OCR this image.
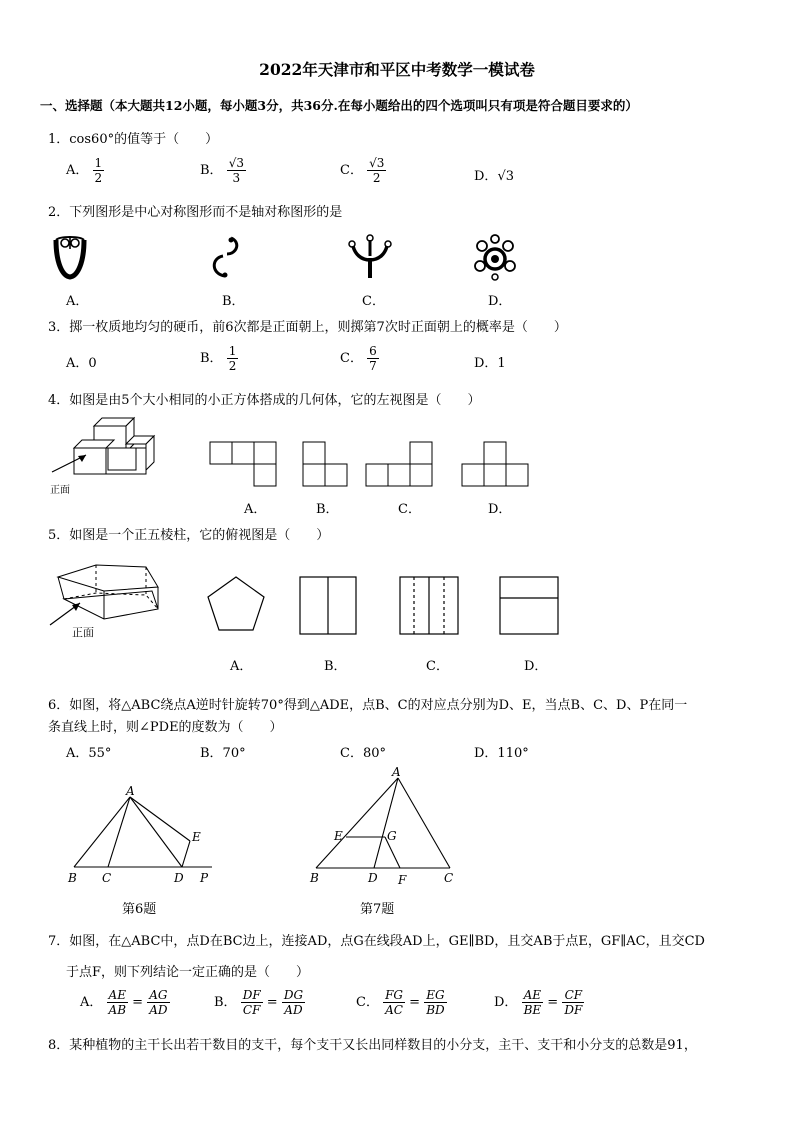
2022年天津市和平区中考数学一模试卷
一、选择题（本大题共12小题，每小题3分，共36分.在每小题给出的四个选项叫只有项是符合题目要求的）
1．cos60°的值等于（　　）
A． $\frac{1}{2}$	B． $\frac{√3}{3}$	C． $\frac{√3}{2}$	D．√3
2．下列图形是中心对称图形而不是轴对称图形的是
A．	B．	C．	D．
3．掷一枚质地均匀的硬币，前6次都是正面朝上，则掷第7次时正面朝上的概率是（　　）
A．0	B． $\frac{1}{2}$	C． $\frac{6}{7}$	D．1
4．如图是由5个大小相同的小正方体搭成的几何体，它的左视图是（　　）
正面
A．	B．	C．	D．
5．如图是一个正五棱柱，它的俯视图是（　　）
正面
A．	B．	C．	D．
6．如图，将△ABC绕点A逆时针旋转70°得到△ADE，点B、C的对应点分别为D、E，当点B、C、D、P在同一
条直线上时，则∠PDE的度数为（　　）
A．55°	B．70°	C．80°	D．110°
A
B C	D
E
P
第6题
A
E	G
B	D F	C
第7题
7．如图，在△ABC中，点D在BC边上，连接AD，点G在线段AD上，GE∥BD，且交AB于点E，GF∥AC，且交CD
于点F，则下列结论一定正确的是（　　）
A． $\frac{AE}{AB} = \frac{AG}{AD}$	B． $\frac{DF}{CF} = \frac{DG}{AD}$	C． $\frac{FG}{AC} = \frac{EG}{BD}$	D． $\frac{AE}{BE} = \frac{CF}{DF}$
8．某种植物的主干长出若干数目的支干，每个支干又长出同样数目的小分支，主干、支干和小分支的总数是91，
